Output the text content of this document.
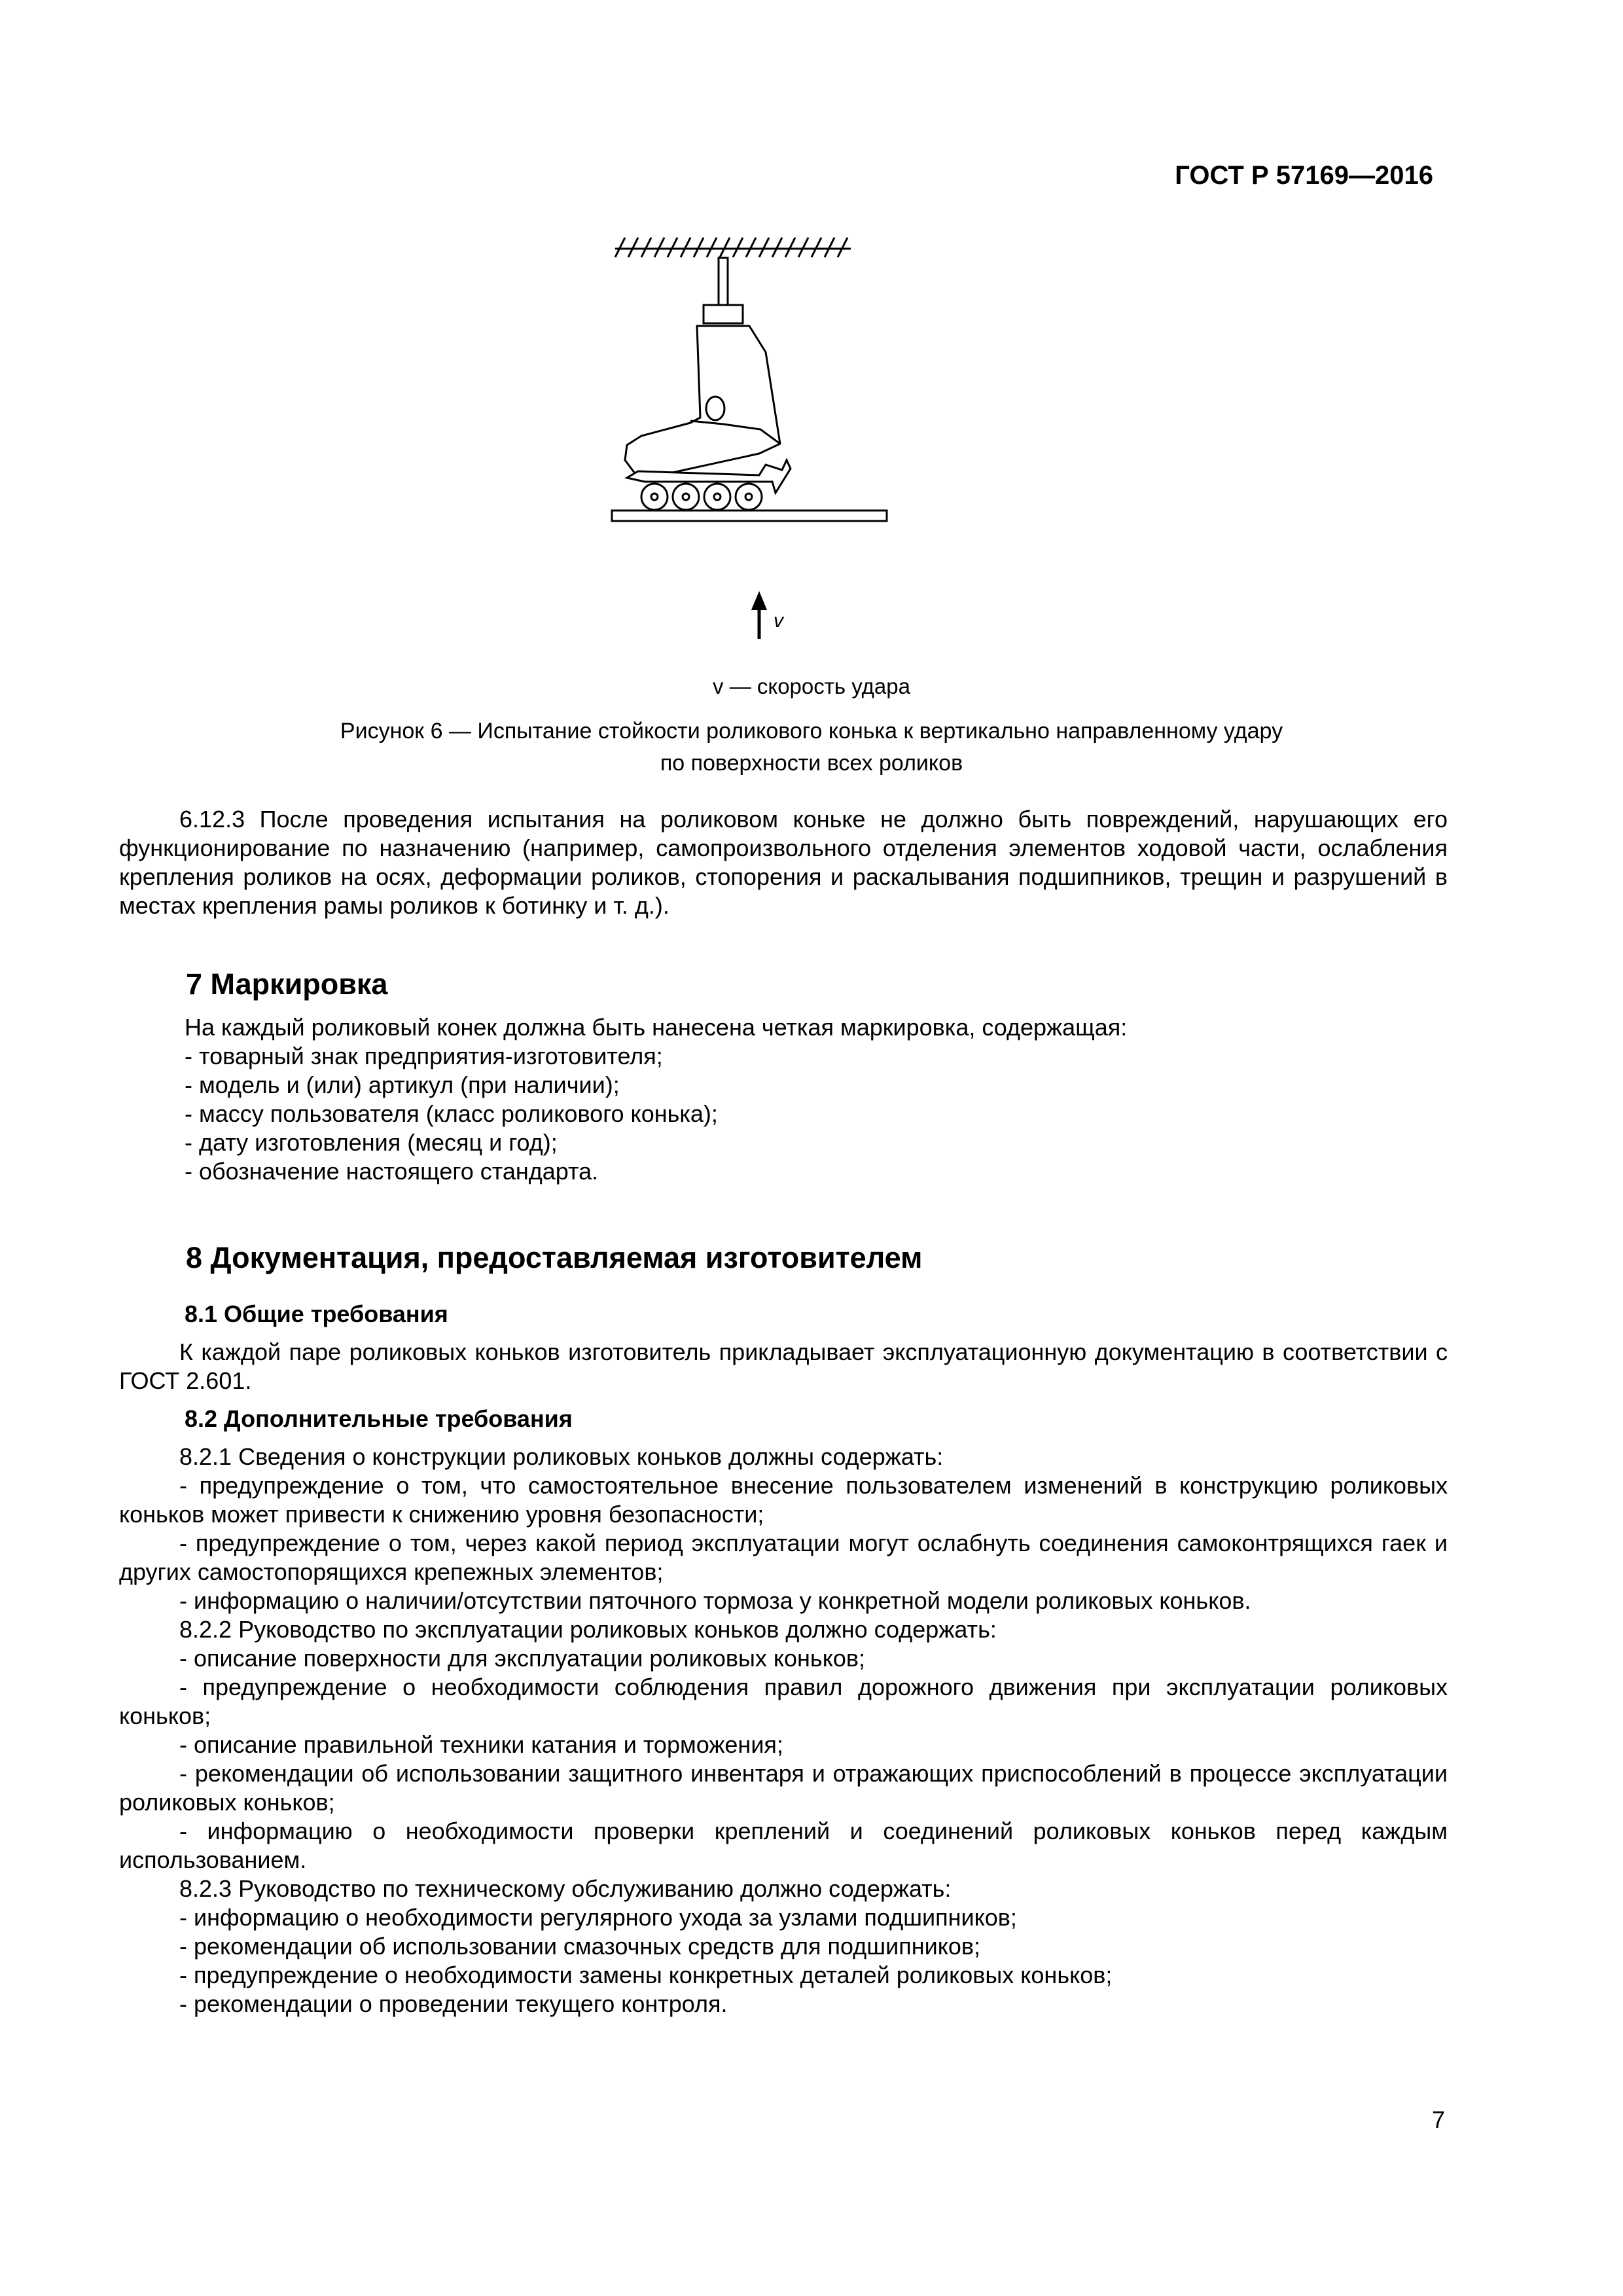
ГОСТ Р 57169—2016
v
v — скорость удара
Рисунок 6 — Испытание стойкости роликового конька к вертикально направленному удару
по поверхности всех роликов

6.12.3 После проведения испытания на роликовом коньке не должно быть повреждений, нарушающих его функционирование по назначению (например, самопроизвольного отделения элементов ходовой части, ослабления крепления роликов на осях, деформации роликов, стопорения и раскалывания подшипников, трещин и разрушений в местах крепления рамы роликов к ботинку и т. д.).

7 Маркировка

На каждый роликовый конек должна быть нанесена четкая маркировка, содержащая:

- товарный знак предприятия-изготовителя;

- модель и (или) артикул (при наличии);

- массу пользователя (класс роликового конька);

- дату изготовления (месяц и год);

- обозначение настоящего стандарта.

8 Документация, предоставляемая изготовителем
8.1 Общие требования

К каждой паре роликовых коньков изготовитель прикладывает эксплуатационную документацию в соответствии с ГОСТ 2.601.

8.2 Дополнительные требования

8.2.1 Сведения о конструкции роликовых коньков должны содержать:

- предупреждение о том, что самостоятельное внесение пользователем изменений в конструкцию роликовых коньков может привести к снижению уровня безопасности;

- предупреждение о том, через какой период эксплуатации могут ослабнуть соединения самоконтрящихся гаек и других самостопорящихся крепежных элементов;

- информацию о наличии/отсутствии пяточного тормоза у конкретной модели роликовых коньков.

8.2.2 Руководство по эксплуатации роликовых коньков должно содержать:

- описание поверхности для эксплуатации роликовых коньков;

- предупреждение о необходимости соблюдения правил дорожного движения при эксплуатации роликовых коньков;

- описание правильной техники катания и торможения;

- рекомендации об использовании защитного инвентаря и отражающих приспособлений в процессе эксплуатации роликовых коньков;

- информацию о необходимости проверки креплений и соединений роликовых коньков перед каждым использованием.

8.2.3 Руководство по техническому обслуживанию должно содержать:

- информацию о необходимости регулярного ухода за узлами подшипников;

- рекомендации об использовании смазочных средств для подшипников;

- предупреждение о необходимости замены конкретных деталей роликовых коньков;

- рекомендации о проведении текущего контроля.

7
